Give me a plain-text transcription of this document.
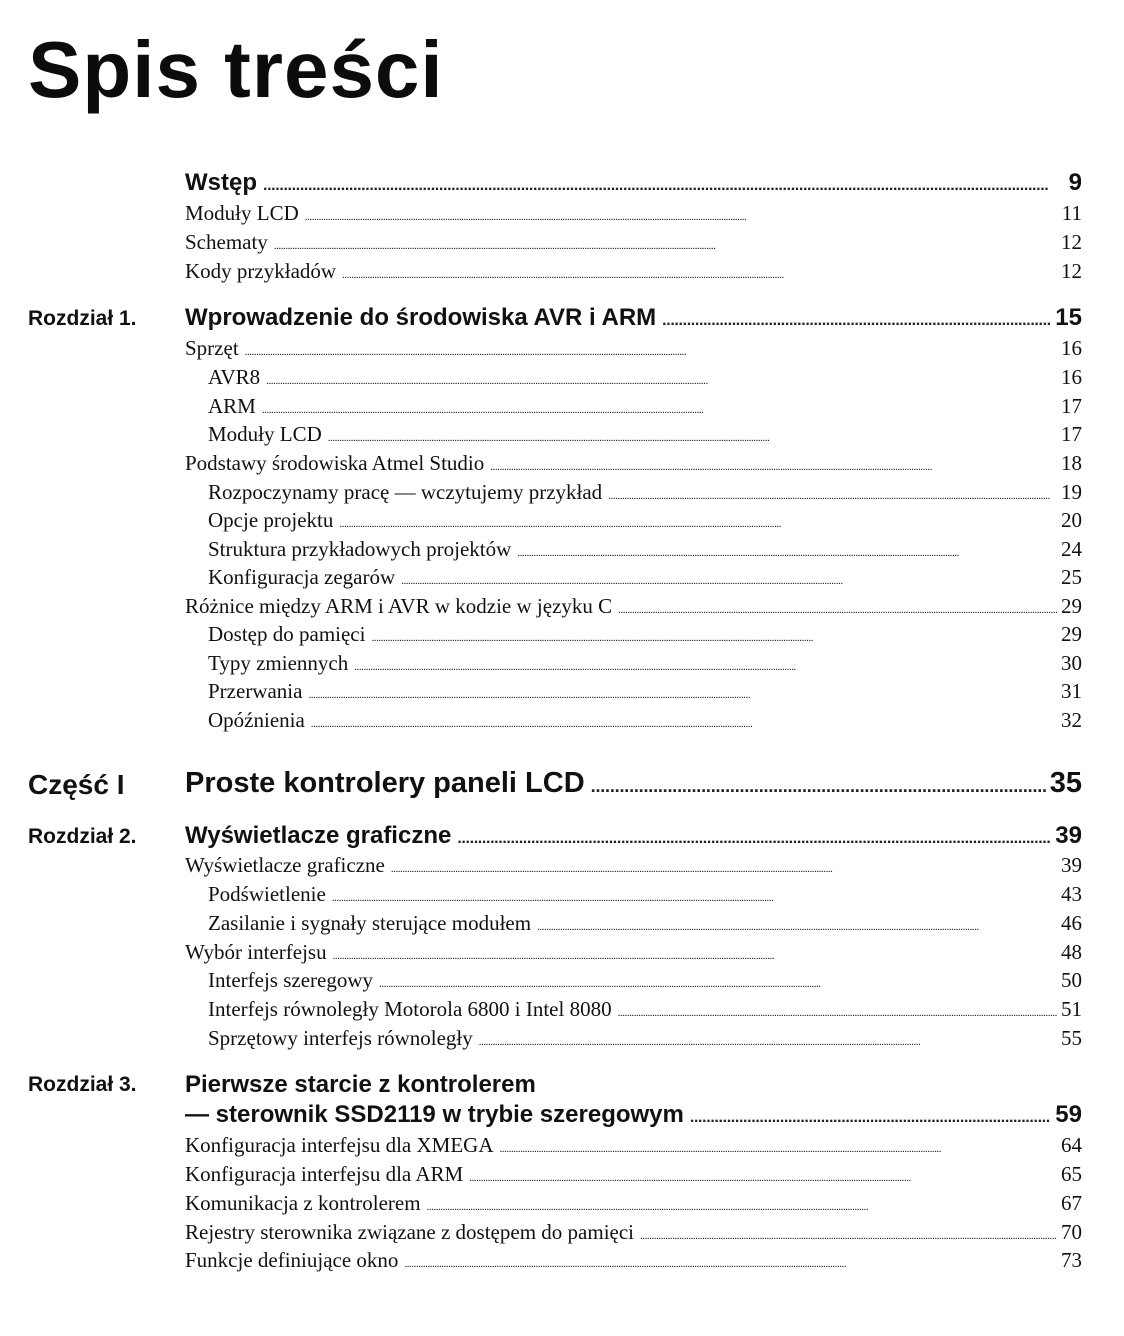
Spis treści
Wstęp . . .	9
Moduły LCD . . .	11
Schematy . . .	12
Kody przykładów . . .	12
Rozdział 1. Wprowadzenie do środowiska AVR i ARM . . .	15
Sprzęt . . .	16
AVR8 . . .	16
ARM . . .	17
Moduły LCD . . .	17
Podstawy środowiska Atmel Studio . . .	18
Rozpoczynamy pracę — wczytujemy przykład . . .	19
Opcje projektu . . .	20
Struktura przykładowych projektów . . .	24
Konfiguracja zegarów . . .	25
Różnice między ARM i AVR w kodzie w języku C . . .	29
Dostęp do pamięci . . .	29
Typy zmiennych . . .	30
Przerwania . . .	31
Opóźnienia . . .	32
Część I Proste kontrolery paneli LCD . . .	35
Rozdział 2. Wyświetlacze graficzne . . .	39
Wyświetlacze graficzne . . .	39
Podświetlenie . . .	43
Zasilanie i sygnały sterujące modułem . . .	46
Wybór interfejsu . . .	48
Interfejs szeregowy . . .	50
Interfejs równoległy Motorola 6800 i Intel 8080 . . .	51
Sprzętowy interfejs równoległy . . .	55
Rozdział 3. Pierwsze starcie z kontrolerem
— sterownik SSD2119 w trybie szeregowym . . .	59
Konfiguracja interfejsu dla XMEGA . . .	64
Konfiguracja interfejsu dla ARM . . .	65
Komunikacja z kontrolerem . . .	67
Rejestry sterownika związane z dostępem do pamięci . . .	70
Funkcje definiujące okno . . .	73
